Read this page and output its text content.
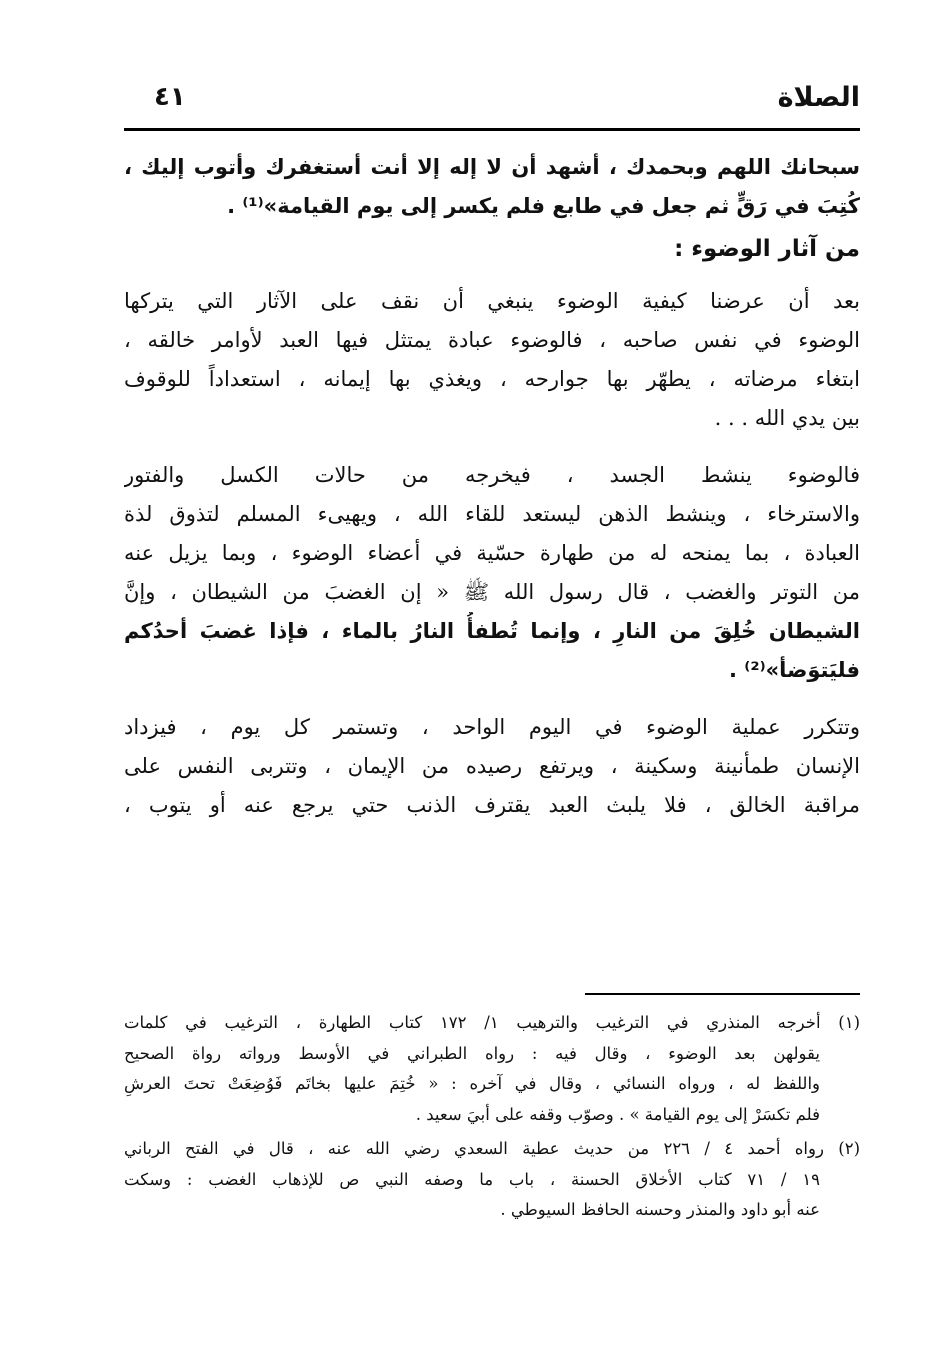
الصلاة
٤١
سبحانك اللهم وبحمدك ، أشهد أن لا إله إلا أنت أستغفرك وأتوب إليك ،
كُتِبَ في رَقٍّ ثم جعل في طابع فلم يكسر إلى يوم القيامة»⁽¹⁾ .
من آثار الوضوء :
بعد أن عرضنا كيفية الوضوء ينبغي أن نقف على الآثار التي يتركها
الوضوء في نفس صاحبه ، فالوضوء عبادة يمتثل فيها العبد لأوامر خالقه ،
ابتغاء مرضاته ، يطهّر بها جوارحه ، ويغذي بها إيمانه ، استعداداً للوقوف
بين يدي الله . . .
فالوضوء ينشط الجسد ، فيخرجه من حالات الكسل والفتور
والاسترخاء ، وينشط الذهن ليستعد للقاء الله ، ويهيىء المسلم لتذوق لذة
العبادة ، بما يمنحه له من طهارة حسّية في أعضاء الوضوء ، وبما يزيل عنه
من التوتر والغضب ، قال رسول الله ﷺ « إن الغضبَ من الشيطان ، وإنَّ
الشيطان خُلِقَ من النارِ ، وإنما تُطفأُ النارُ بالماء ، فإذا غضبَ أحدُكم
فليَتوَضأ»⁽²⁾ .
وتتكرر عملية الوضوء في اليوم الواحد ، وتستمر كل يوم ، فيزداد
الإنسان طمأنينة وسكينة ، ويرتفع رصيده من الإيمان ، وتتربى النفس على
مراقبة الخالق ، فلا يلبث العبد يقترف الذنب حتي يرجع عنه أو يتوب ،
(١) أخرجه المنذري في الترغيب والترهيب ١/ ١٧٢ كتاب الطهارة ، الترغيب في كلمات
يقولهن بعد الوضوء ، وقال فيه : رواه الطبراني في الأوسط ورواته رواة الصحيح
واللفظ له ، ورواه النسائي ، وقال في آخره : « خُتِمَ عليها بخاتَم فَوُضِعَتْ تحتَ العرشِ
فلم تكسَرْ إلى يوم القيامة » . وصوّب وقفه على أبيَ سعيد .
(٢) رواه أحمد ٤ / ٢٢٦ من حديث عطية السعدي رضي الله عنه ، قال في الفتح الرباني
١٩ / ٧١ كتاب الأخلاق الحسنة ، باب ما وصفه النبي ص للإذهاب الغضب : وسكت
عنه أبو داود والمنذر وحسنه الحافظ السيوطي .
